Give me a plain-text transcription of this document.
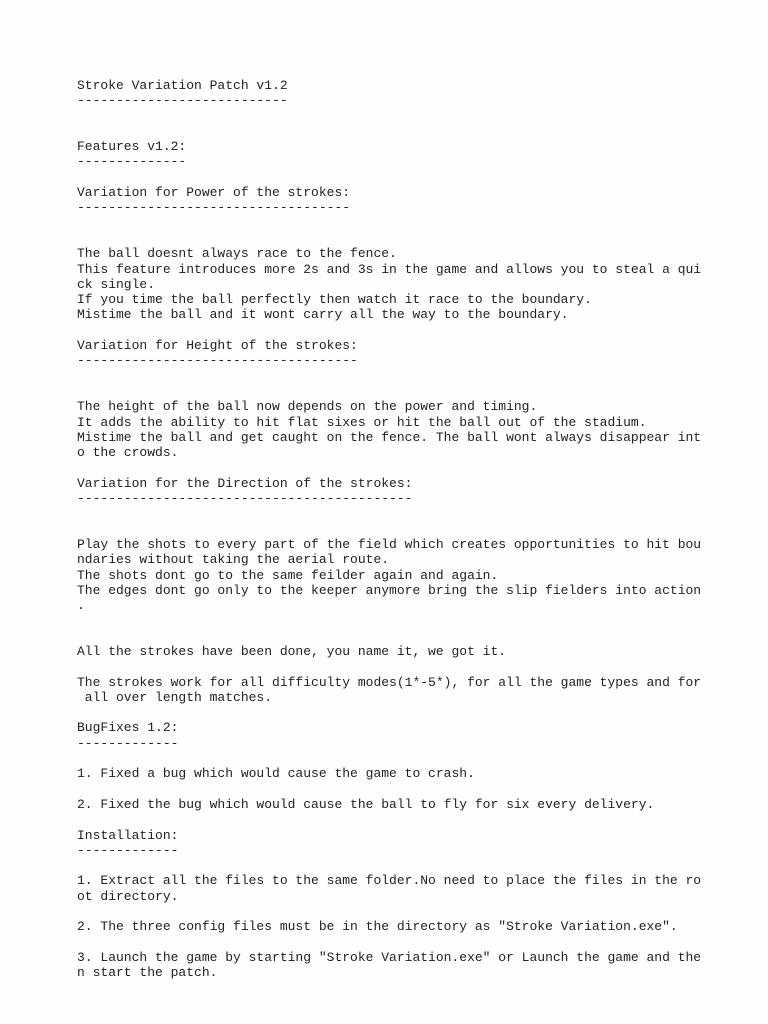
Stroke Variation Patch v1.2
---------------------------
Features v1.2:
--------------
Variation for Power of the strokes:
-----------------------------------
The ball doesnt always race to the fence.
This feature introduces more 2s and 3s in the game and allows you to steal a qui
ck single.
If you time the ball perfectly then watch it race to the boundary.
Mistime the ball and it wont carry all the way to the boundary.
Variation for Height of the strokes:
------------------------------------
The height of the ball now depends on the power and timing.
It adds the ability to hit flat sixes or hit the ball out of the stadium.
Mistime the ball and get caught on the fence. The ball wont always disappear int
o the crowds.
Variation for the Direction of the strokes:
-------------------------------------------
Play the shots to every part of the field which creates opportunities to hit bou
ndaries without taking the aerial route.
The shots dont go to the same feilder again and again.
The edges dont go only to the keeper anymore bring the slip fielders into action
.
All the strokes have been done, you name it, we got it.
The strokes work for all difficulty modes(1*-5*), for all the game types and for
all over length matches.
BugFixes 1.2:
-------------
1. Fixed a bug which would cause the game to crash.
2. Fixed the bug which would cause the ball to fly for six every delivery.
Installation:
-------------
1. Extract all the files to the same folder.No need to place the files in the ro
ot directory.
2. The three config files must be in the directory as "Stroke Variation.exe".
3. Launch the game by starting "Stroke Variation.exe" or Launch the game and the
n start the patch.
